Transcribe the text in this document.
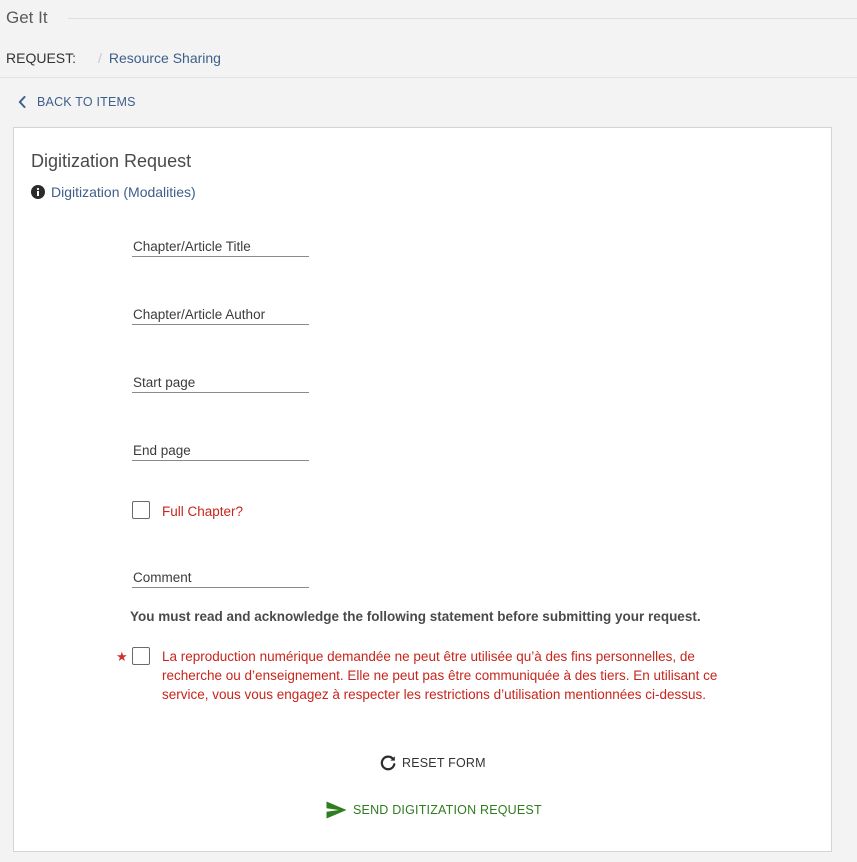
Get It
REQUEST: / Resource Sharing
BACK TO ITEMS
Digitization Request
Digitization (Modalities)
Chapter/Article Title
Chapter/Article Author
Start page
End page
Full Chapter?
Comment
You must read and acknowledge the following statement before submitting your request.
★	La reproduction numérique demandée ne peut être utilisée qu’à des fins personnelles, de recherche ou d’enseignement. Elle ne peut pas être communiquée à des tiers. En utilisant ce service, vous vous engagez à respecter les restrictions d’utilisation mentionnées ci-dessus.
RESET FORM
SEND DIGITIZATION REQUEST
